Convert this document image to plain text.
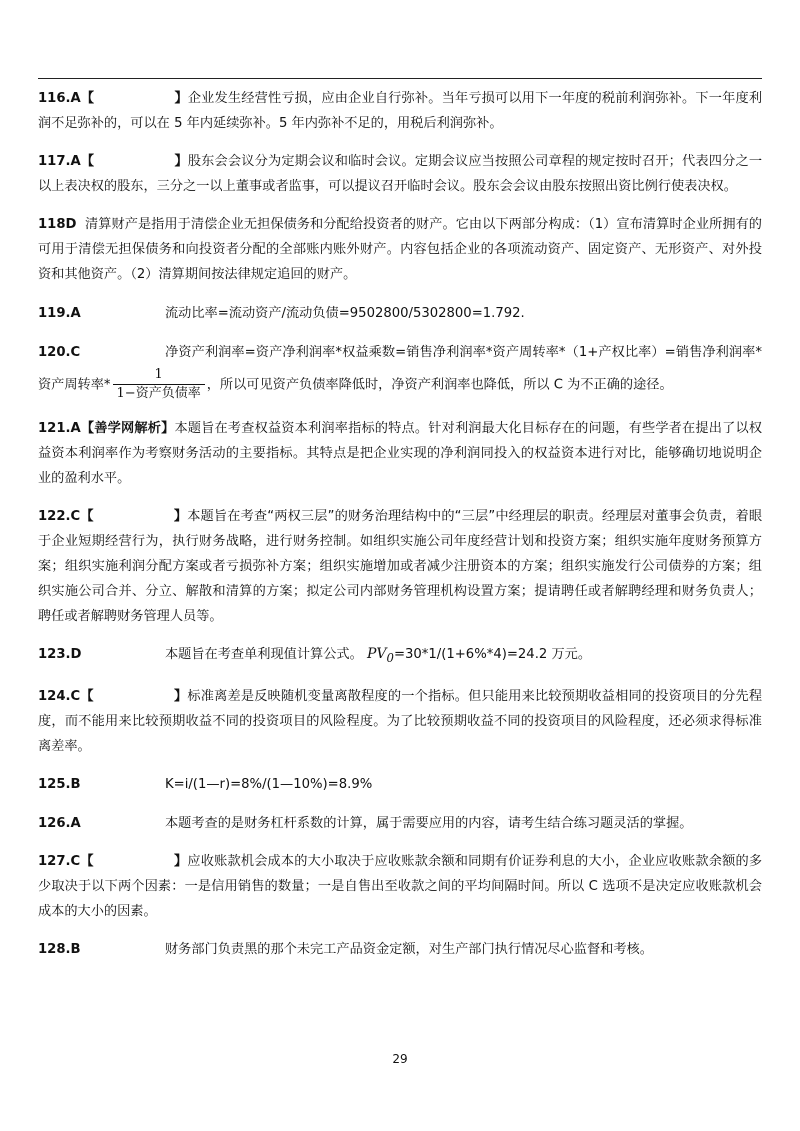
116.A【	】企业发生经营性亏损，应由企业自行弥补。当年亏损可以用下一年度的税前利润弥补。下一年度利润不足弥补的，可以在 5 年内延续弥补。5 年内弥补不足的，用税后利润弥补。

117.A【	】股东会会议分为定期会议和临时会议。定期会议应当按照公司章程的规定按时召开；代表四分之一以上表决权的股东，三分之一以上董事或者监事，可以提议召开临时会议。股东会会议由股东按照出资比例行使表决权。

118D 清算财产是指用于清偿企业无担保债务和分配给投资者的财产。它由以下两部分构成：（1）宣布清算时企业所拥有的可用于清偿无担保债务和向投资者分配的全部账内账外财产。内容包括企业的各项流动资产、固定资产、无形资产、对外投资和其他资产。（2）清算期间按法律规定追回的财产。

119.A	流动比率=流动资产/流动负债=9502800/5302800=1.792.

120.C	净资产利润率=资产净利润率*权益乘数=销售净利润率*资产周转率*（1+产权比率）=销售净利润率*资产周转率* $\frac{1}{\text{1−资产负债率}}$ ，所以可见资产负债率降低时，净资产利润率也降低，所以 C 为不正确的途径。

121.A【善学网解析】本题旨在考查权益资本利润率指标的特点。针对利润最大化目标存在的问题，有些学者在提出了以权益资本利润率作为考察财务活动的主要指标。其特点是把企业实现的净利润同投入的权益资本进行对比，能够确切地说明企业的盈利水平。

122.C【	】本题旨在考查“两权三层”的财务治理结构中的“三层”中经理层的职责。经理层对董事会负责，着眼于企业短期经营行为，执行财务战略，进行财务控制。如组织实施公司年度经营计划和投资方案；组织实施年度财务预算方案；组织实施利润分配方案或者亏损弥补方案；组织实施增加或者减少注册资本的方案；组织实施发行公司债券的方案；组织实施公司合并、分立、解散和清算的方案；拟定公司内部财务管理机构设置方案；提请聘任或者解聘经理和财务负责人；聘任或者解聘财务管理人员等。

123.D	本题旨在考查单利现值计算公式。 $PV_0=30*1/(1+6\%*4)=24.2$ 万元。

124.C【	】标准离差是反映随机变量离散程度的一个指标。但只能用来比较预期收益相同的投资项目的分先程度，而不能用来比较预期收益不同的投资项目的风险程度。为了比较预期收益不同的投资项目的风险程度，还必须求得标准离差率。

125.B	K=i/(1—r)=8%/(1—10%)=8.9%

126.A	本题考查的是财务杠杆系数的计算，属于需要应用的内容，请考生结合练习题灵活的掌握。

127.C【	】应收账款机会成本的大小取决于应收账款余额和同期有价证券利息的大小，企业应收账款余额的多少取决于以下两个因素：一是信用销售的数量；一是自售出至收款之间的平均间隔时间。所以 C 选项不是决定应收账款机会成本的大小的因素。

128.B	财务部门负责黑的那个未完工产品资金定额，对生产部门执行情况尽心监督和考核。

29
